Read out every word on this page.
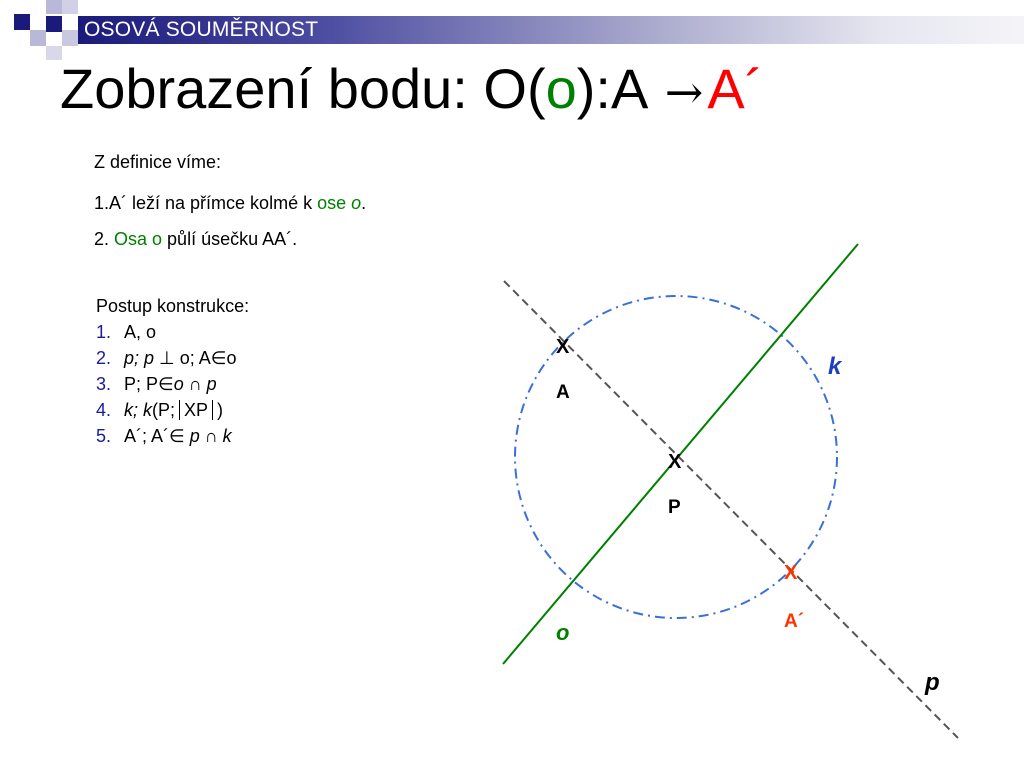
OSOVÁ SOUMĚRNOST
Zobrazení bodu: O(o):A →A´
Z definice víme:
1.A´ leží na přímce kolmé k ose o.
2. Osa o půlí úsečku AA´.
Postup konstrukce:
1. A, o
2. p; p ⊥ o; A∈o
3. P; P∈o ∩ p
4. k; k(P; XP )
5. A´; A´∈ p ∩ k
X
A
X
P
X
A´
o
p
k
